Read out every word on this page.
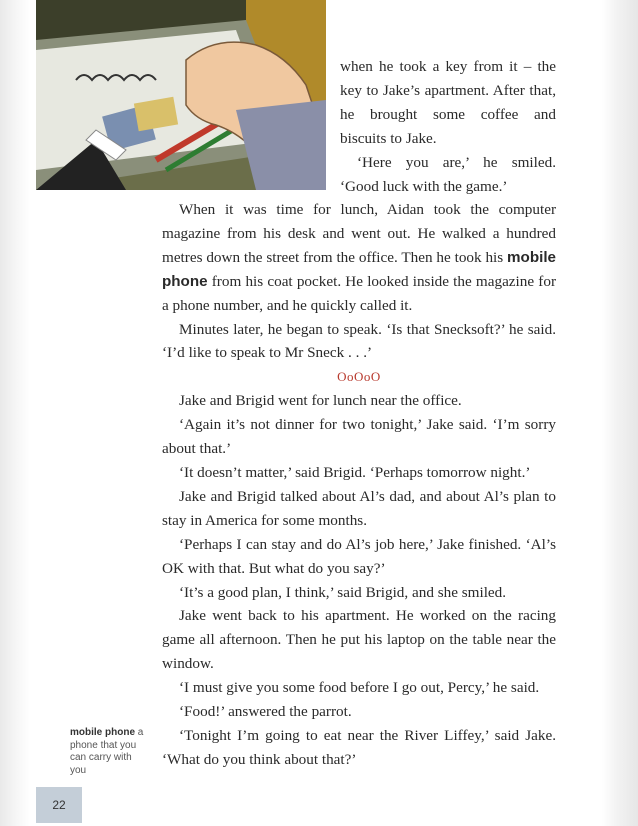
when he took a key from it – the key to Jake’s apartment. After that, he brought some coffee and biscuits to Jake.

‘Here you are,’ he smiled. ‘Good luck with the game.’

When it was time for lunch, Aidan took the computer magazine from his desk and went out. He walked a hundred metres down the street from the office. Then he took his mobile phone from his coat pocket. He looked inside the magazine for a phone number, and he quickly called it.

Minutes later, he began to speak. ‘Is that Snecksoft?’ he said. ‘I’d like to speak to Mr Sneck . . .’

OoOoO

Jake and Brigid went for lunch near the office.

‘Again it’s not dinner for two tonight,’ Jake said. ‘I’m sorry about that.’

‘It doesn’t matter,’ said Brigid. ‘Perhaps tomorrow night.’

Jake and Brigid talked about Al’s dad, and about Al’s plan to stay in America for some months.

‘Perhaps I can stay and do Al’s job here,’ Jake finished. ‘Al’s OK with that. But what do you say?’

‘It’s a good plan, I think,’ said Brigid, and she smiled.

Jake went back to his apartment. He worked on the racing game all afternoon. Then he put his laptop on the table near the window.

‘I must give you some food before I go out, Percy,’ he said.

‘Food!’ answered the parrot.

‘Tonight I’m going to eat near the River Liffey,’ said Jake. ‘What do you think about that?’

mobile phone a phone that you can carry with you
22
